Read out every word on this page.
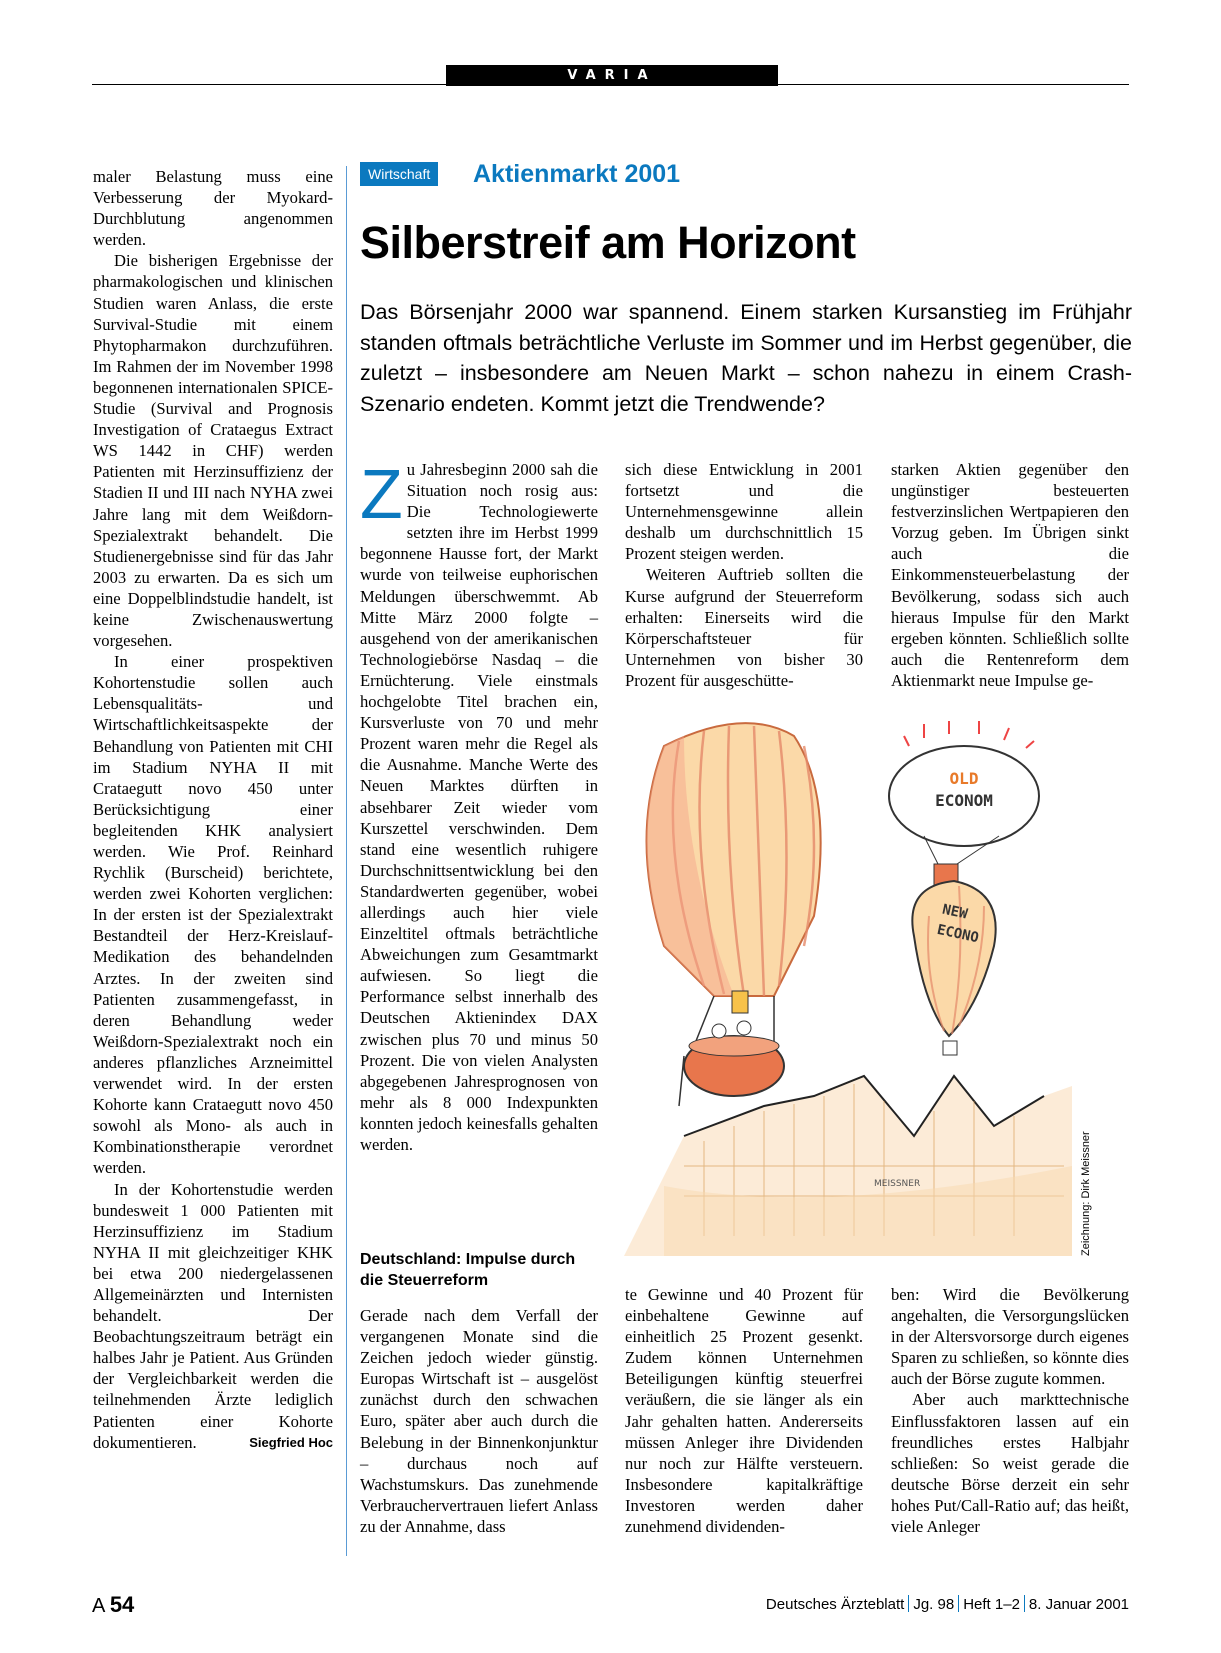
VARIA

maler Belastung muss eine Verbesserung der Myokard-Durchblutung angenommen werden.

Die bisherigen Ergebnisse der pharmakologischen und klinischen Studien waren Anlass, die erste Survival-Studie mit einem Phytopharmakon durchzuführen. Im Rahmen der im November 1998 begonnenen internationalen SPICE-Studie (Survival and Prognosis Investigation of Crataegus Extract WS 1442 in CHF) werden Patienten mit Herzinsuffizienz der Stadien II und III nach NYHA zwei Jahre lang mit dem Weißdorn-Spezialextrakt behandelt. Die Studienergebnisse sind für das Jahr 2003 zu erwarten. Da es sich um eine Doppelblindstudie handelt, ist keine Zwischenauswertung vorgesehen.

In einer prospektiven Kohortenstudie sollen auch Lebensqualitäts- und Wirtschaftlichkeitsaspekte der Behandlung von Patienten mit CHI im Stadium NYHA II mit Crataegutt novo 450 unter Berücksichtigung einer begleitenden KHK analysiert werden. Wie Prof. Reinhard Rychlik (Burscheid) berichtete, werden zwei Kohorten verglichen: In der ersten ist der Spezialextrakt Bestandteil der Herz-Kreislauf-Medikation des behandelnden Arztes. In der zweiten sind Patienten zusammengefasst, in deren Behandlung weder Weißdorn-Spezialextrakt noch ein anderes pflanzliches Arzneimittel verwendet wird. In der ersten Kohorte kann Crataegutt novo 450 sowohl als Mono- als auch in Kombinationstherapie verordnet werden.

In der Kohortenstudie werden bundesweit 1 000 Patienten mit Herzinsuffizienz im Stadium NYHA II mit gleichzeitiger KHK bei etwa 200 niedergelassenen Allgemeinärzten und Internisten behandelt. Der Beobachtungszeitraum beträgt ein halbes Jahr je Patient. Aus Gründen der Vergleichbarkeit werden die teilnehmenden Ärzte lediglich Patienten einer Kohorte dokumentieren.	Siegfried Hoc

Wirtschaft	Aktienmarkt 2001
Silberstreif am Horizont
Das Börsenjahr 2000 war spannend. Einem starken Kursanstieg im Frühjahr standen oftmals beträchtliche Verluste im Sommer und im Herbst gegenüber, die zuletzt – insbesondere am Neuen Markt – schon nahezu in einem Crash-Szenario endeten. Kommt jetzt die Trendwende?

Zu Jahresbeginn 2000 sah die Situation noch rosig aus: Die Technologiewerte setzten ihre im Herbst 1999 begonnene Hausse fort, der Markt wurde von teilweise euphorischen Meldungen überschwemmt. Ab Mitte März 2000 folgte – ausgehend von der amerikanischen Technologiebörse Nasdaq – die Ernüchterung. Viele einstmals hochgelobte Titel brachen ein, Kursverluste von 70 und mehr Prozent waren mehr die Regel als die Ausnahme. Manche Werte des Neuen Marktes dürften in absehbarer Zeit wieder vom Kurszettel verschwinden. Dem stand eine wesentlich ruhigere Durchschnittsentwicklung bei den Standardwerten gegenüber, wobei allerdings auch hier viele Einzeltitel oftmals beträchtliche Abweichungen zum Gesamtmarkt aufwiesen. So liegt die Performance selbst innerhalb des Deutschen Aktienindex DAX zwischen plus 70 und minus 50 Prozent. Die von vielen Analysten abgegebenen Jahresprognosen von mehr als 8 000 Indexpunkten konnten jedoch keinesfalls gehalten werden.

Deutschland: Impulse durch die Steuerreform

Gerade nach dem Verfall der vergangenen Monate sind die Zeichen jedoch wieder günstig. Europas Wirtschaft ist – ausgelöst zunächst durch den schwachen Euro, später aber auch durch die Belebung in der Binnenkonjunktur – durchaus noch auf Wachstumskurs. Das zunehmende Verbrauchervertrauen liefert Anlass zu der Annahme, dass

sich diese Entwicklung in 2001 fortsetzt und die Unternehmensgewinne allein deshalb um durchschnittlich 15 Prozent steigen werden.

Weiteren Auftrieb sollten die Kurse aufgrund der Steuerreform erhalten: Einerseits wird die Körperschaftsteuer für Unternehmen von bisher 30 Prozent für ausgeschütte-

starken Aktien gegenüber den ungünstiger besteuerten festverzinslichen Wertpapieren den Vorzug geben. Im Übrigen sinkt auch die Einkommensteuerbelastung der Bevölkerung, sodass sich auch hieraus Impulse für den Markt ergeben könnten. Schließlich sollte auch die Rentenreform dem Aktienmarkt neue Impulse ge-

OLD
ECONOM
NEW
ECONO
MEISSNER	Zeichnung: Dirk Meissner

te Gewinne und 40 Prozent für einbehaltene Gewinne auf einheitlich 25 Prozent gesenkt. Zudem können Unternehmen Beteiligungen künftig steuerfrei veräußern, die sie länger als ein Jahr gehalten hatten. Andererseits müssen Anleger ihre Dividenden nur noch zur Hälfte versteuern. Insbesondere kapitalkräftige Investoren werden daher zunehmend dividenden-

ben: Wird die Bevölkerung angehalten, die Versorgungslücken in der Altersvorsorge durch eigenes Sparen zu schließen, so könnte dies auch der Börse zugute kommen.

Aber auch markttechnische Einflussfaktoren lassen auf ein freundliches erstes Halbjahr schließen: So weist gerade die deutsche Börse derzeit ein sehr hohes Put/Call-Ratio auf; das heißt, viele Anleger

A 54	Deutsches Ärzteblatt Jg. 98 Heft 1–2 8. Januar 2001
